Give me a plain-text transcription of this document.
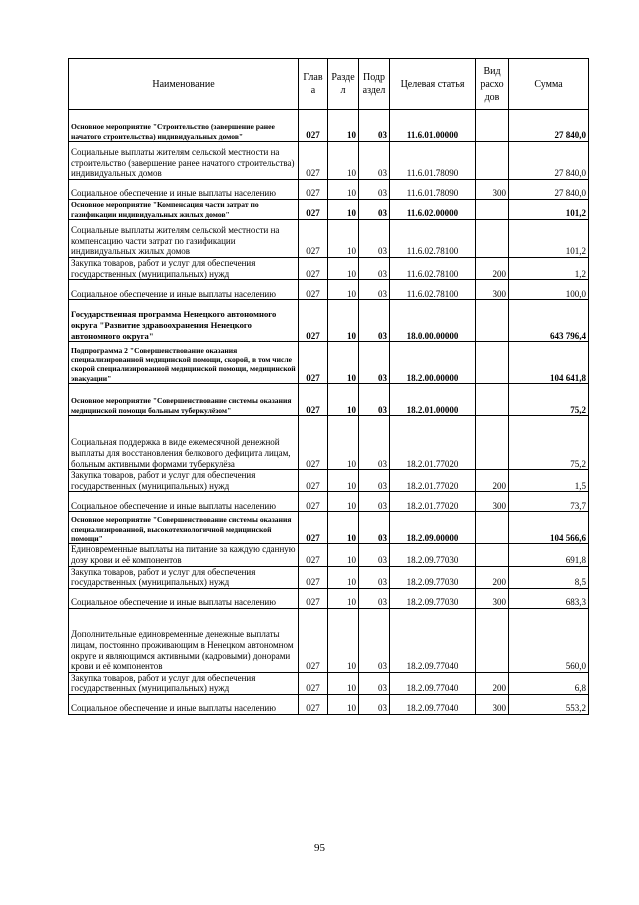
Наименование	Глав а	Разде л	Подр аздел	Целевая статья	Вид расхо дов	Сумма
Основное мероприятие "Строительство (завершение ранее начатого строительства) индивидуальных домов"	027	10	03	11.6.01.00000		27 840,0
Социальные выплаты жителям сельской местности на строительство (завершение ранее начатого строительства) индивидуальных домов	027	10	03	11.6.01.78090		27 840,0
Социальное обеспечение и иные выплаты населению	027	10	03	11.6.01.78090	300	27 840,0
Основное мероприятие "Компенсация части затрат по газификации индивидуальных жилых домов"	027	10	03	11.6.02.00000		101,2
Социальные выплаты жителям сельской местности на компенсацию части затрат по газификации индивидуальных жилых домов	027	10	03	11.6.02.78100		101,2
Закупка товаров, работ и услуг для обеспечения государственных (муниципальных) нужд	027	10	03	11.6.02.78100	200	1,2
Социальное обеспечение и иные выплаты населению	027	10	03	11.6.02.78100	300	100,0
Государственная программа Ненецкого автономного округа "Развитие здравоохранения Ненецкого автономного округа"	027	10	03	18.0.00.00000		643 796,4
Подпрограмма 2 "Совершенствование оказания специализированной медицинской помощи, скорой, в том числе скорой специализированной медицинской помощи, медицинской эвакуации"	027	10	03	18.2.00.00000		104 641,8
Основное мероприятие "Совершенствование системы оказания медицинской помощи больным туберкулёзом"	027	10	03	18.2.01.00000		75,2
Социальная поддержка в виде ежемесячной денежной выплаты для восстановления белкового дефицита лицам, больным активными формами туберкулёза	027	10	03	18.2.01.77020		75,2
Закупка товаров, работ и услуг для обеспечения государственных (муниципальных) нужд	027	10	03	18.2.01.77020	200	1,5
Социальное обеспечение и иные выплаты населению	027	10	03	18.2.01.77020	300	73,7
Основное мероприятие "Совершенствование системы оказания специализированной, высокотехнологичной медицинской помощи"	027	10	03	18.2.09.00000		104 566,6
Единовременные выплаты на питание за каждую сданную дозу крови и её компонентов	027	10	03	18.2.09.77030		691,8
Закупка товаров, работ и услуг для обеспечения государственных (муниципальных) нужд	027	10	03	18.2.09.77030	200	8,5
Социальное обеспечение и иные выплаты населению	027	10	03	18.2.09.77030	300	683,3
Дополнительные единовременные денежные выплаты лицам, постоянно проживающим в Ненецком автономном округе и являющимся активными (кадровыми) донорами крови и её компонентов	027	10	03	18.2.09.77040		560,0
Закупка товаров, работ и услуг для обеспечения государственных (муниципальных) нужд	027	10	03	18.2.09.77040	200	6,8
Социальное обеспечение и иные выплаты населению	027	10	03	18.2.09.77040	300	553,2
95
